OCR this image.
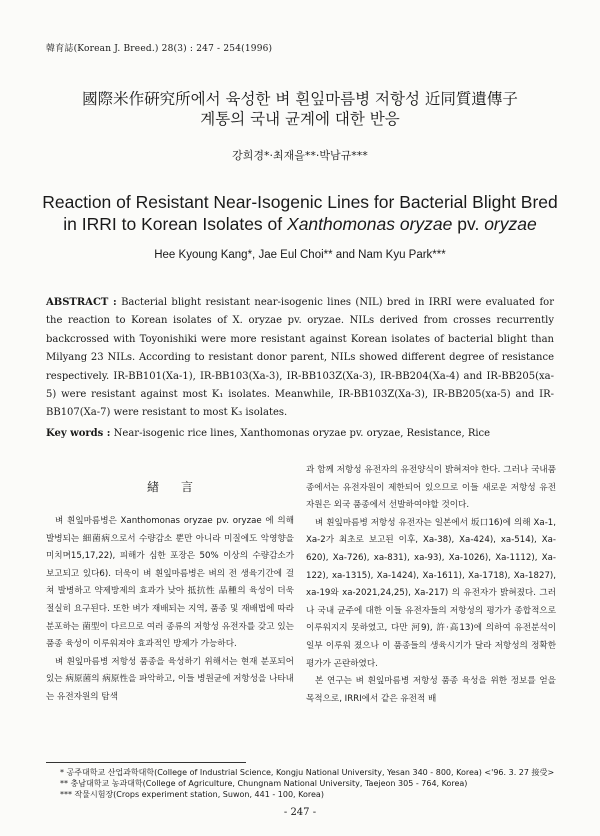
韓育誌(Korean J. Breed.) 28(3) : 247 - 254(1996)
國際米作硏究所에서 육성한 벼 흰잎마름병 저항성 近同質遺傳子
계통의 국내 균계에 대한 반응
강희경*·최재을**·박남규***
Reaction of Resistant Near-Isogenic Lines for Bacterial Blight Bred
in IRRI to Korean Isolates of Xanthomonas oryzae pv. oryzae
Hee Kyoung Kang*, Jae Eul Choi** and Nam Kyu Park***
ABSTRACT : Bacterial blight resistant near-isogenic lines (NIL) bred in IRRI were evaluated for the reaction to Korean isolates of X. oryzae pv. oryzae. NILs derived from crosses recurrently backcrossed with Toyonishiki were more resistant against Korean isolates of bacterial blight than Milyang 23 NILs. According to resistant donor parent, NILs showed different degree of resistance respectively. IR-BB101(Xa-1), IR-BB103(Xa-3), IR-BB103Z(Xa-3), IR-BB204(Xa-4) and IR-BB205(xa-5) were resistant against most K₁ isolates. Meanwhile, IR-BB103Z(Xa-3), IR-BB205(xa-5) and IR-BB107(Xa-7) were resistant to most K₃ isolates.
Key words : Near-isogenic rice lines, Xanthomonas oryzae pv. oryzae, Resistance, Rice
緖言

벼 흰잎마름병은 Xanthomonas oryzae pv. oryzae 에 의해 발병되는 細菌病으로서 수량감소 뿐만 아니라 미질에도 악영향을 미치며15,17,22), 피해가 심한 포장은 50% 이상의 수량감소가 보고되고 있다6). 더욱이 벼 흰잎마름병은 벼의 전 생육기간에 걸쳐 발병하고 약제방제의 효과가 낮아 抵抗性 品種의 육성이 더욱 절실히 요구된다. 또한 벼가 재배되는 지역, 품종 및 재배법에 따라 분포하는 菌型이 다르므로 여러 종류의 저항성 유전자를 갖고 있는 품종 육성이 이루워져야 효과적인 방제가 가능하다.

벼 흰잎마름병 저항성 품종을 육성하기 위해서는 현재 분포되어 있는 病原菌의 病原性을 파악하고, 이들 병원균에 저항성을 나타내는 유전자원의 탐색

과 함께 저항성 유전자의 유전양식이 밝혀져야 한다. 그러나 국내품종에서는 유전자원이 제한되어 있으므로 이들 새로운 저항성 유전자원은 외국 품종에서 선발하여야할 것이다.

벼 흰잎마름병 저항성 유전자는 일본에서 坂口16)에 의해 Xa-1, Xa-2가 최초로 보고된 이후, Xa-38), Xa-424), xa-514), Xa-620), Xa-726), xa-831), xa-93), Xa-1026), Xa-1112), Xa-122), xa-1315), Xa-1424), Xa-1611), Xa-1718), Xa-1827), xa-19와 xa-2021,24,25), Xa-217) 의 유전자가 밝혀졌다. 그러나 국내 균주에 대한 이들 유전자들의 저항성의 평가가 종합적으로 이루워지지 못하였고, 다만 河9), 許·高13)에 의하여 유전분석이 일부 이루워 졌으나 이 품종들의 생육시기가 달라 저항성의 정확한 평가가 곤란하였다.

본 연구는 벼 흰잎마름병 저항성 품종 육성을 위한 정보를 얻을 목적으로, IRRI에서 같은 유전적 배

* 공주대학교 산업과학대학(College of Industrial Science, Kongju National University, Yesan 340 - 800, Korea) <'96. 3. 27 接受>
** 충남대학교 농과대학(College of Agriculture, Chungnam National University, Taejeon 305 - 764, Korea)
*** 작물시험장(Crops experiment station, Suwon, 441 - 100, Korea)
- 247 -
